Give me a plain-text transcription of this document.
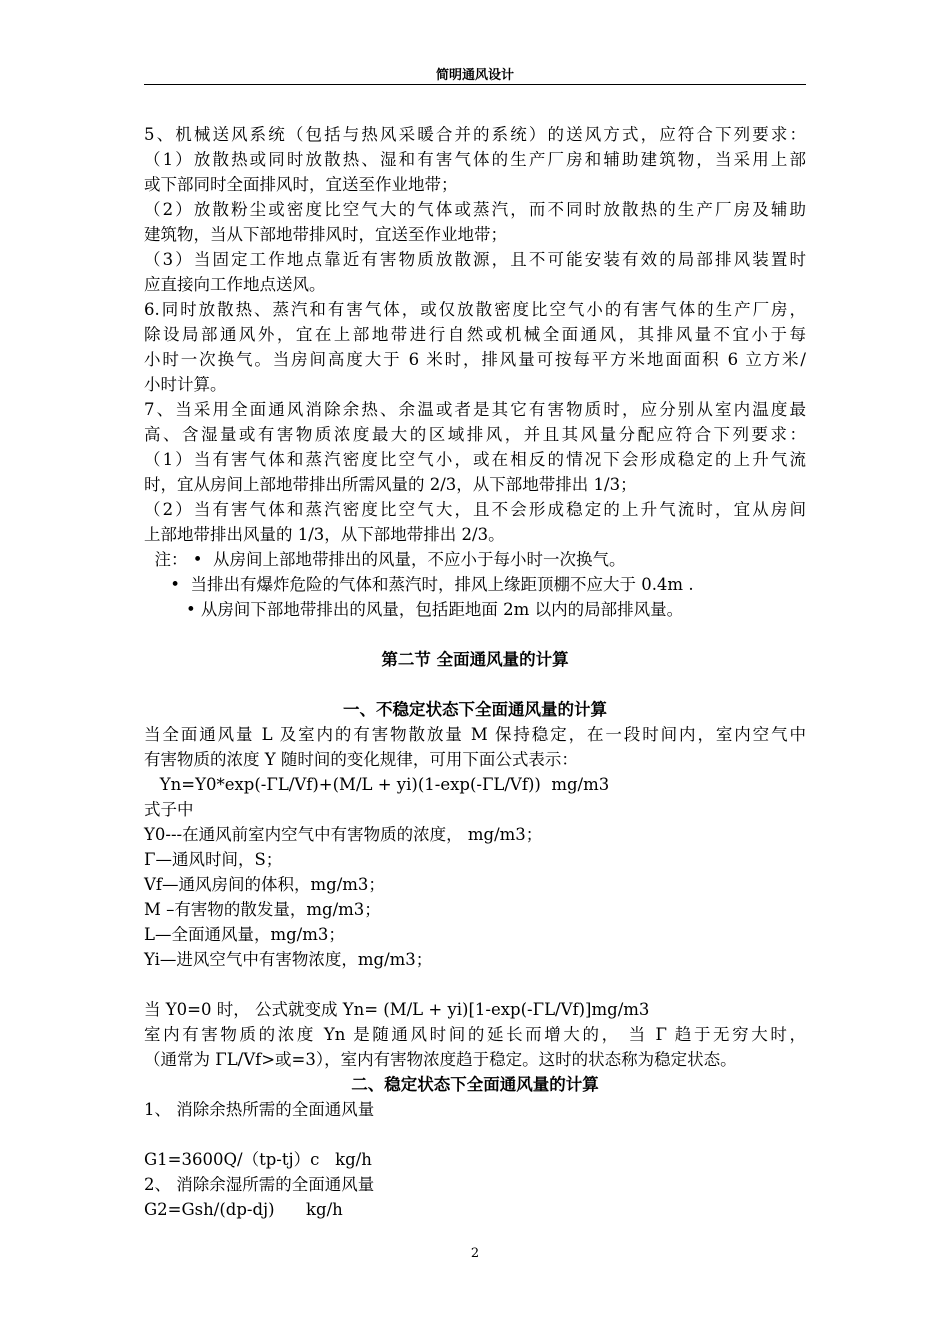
简明通风设计
5、机械送风系统（包括与热风采暖合并的系统）的送风方式，应符合下列要求：
（1）放散热或同时放散热、湿和有害气体的生产厂房和辅助建筑物，当采用上部
或下部同时全面排风时，宜送至作业地带；
（2）放散粉尘或密度比空气大的气体或蒸汽，而不同时放散热的生产厂房及辅助
建筑物，当从下部地带排风时，宜送至作业地带；
（3）当固定工作地点靠近有害物质放散源，且不可能安装有效的局部排风装置时
应直接向工作地点送风。
6.同时放散热、蒸汽和有害气体，或仅放散密度比空气小的有害气体的生产厂房，
除设局部通风外，宜在上部地带进行自然或机械全面通风，其排风量不宜小于每
小时一次换气。当房间高度大于 6 米时，排风量可按每平方米地面面积 6 立方米/
小时计算。
7、当采用全面通风消除余热、余温或者是其它有害物质时，应分别从室内温度最
高、含湿量或有害物质浓度最大的区域排风，并且其风量分配应符合下列要求：
（1）当有害气体和蒸汽密度比空气小，或在相反的情况下会形成稳定的上升气流
时，宜从房间上部地带排出所需风量的 2/3，从下部地带排出 1/3；
（2）当有害气体和蒸汽密度比空气大，且不会形成稳定的上升气流时，宜从房间
上部地带排出风量的 1/3，从下部地带排出 2/3。
注： •  从房间上部地带排出的风量，不应小于每小时一次换气。
•  当排出有爆炸危险的气体和蒸汽时，排风上缘距顶棚不应大于 0.4m .
• 从房间下部地带排出的风量，包括距地面 2m 以内的局部排风量。
第二节 全面通风量的计算
一、不稳定状态下全面通风量的计算
当全面通风量 L 及室内的有害物散放量 M 保持稳定，在一段时间内，室内空气中
有害物质的浓度 Y 随时间的变化规律，可用下面公式表示：
Yn=Y0*exp(-ΓL/Vf)+(M/L + yi)(1-exp(-ΓL/Vf))  mg/m3
式子中
Y0---在通风前室内空气中有害物质的浓度， mg/m3；
Γ—通风时间，S；
Vf—通风房间的体积，mg/m3；
M –有害物的散发量，mg/m3；
L—全面通风量，mg/m3；
Yi—进风空气中有害物浓度，mg/m3；
当 Y0=0 时， 公式就变成 Yn= (M/L + yi)[1-exp(-ΓL/Vf)]mg/m3
室内有害物质的浓度 Yn 是随通风时间的延长而增大的， 当 Γ 趋于无穷大时，
（通常为 ΓL/Vf>或=3），室内有害物浓度趋于稳定。这时的状态称为稳定状态。
二、稳定状态下全面通风量的计算
1、 消除余热所需的全面通风量
G1=3600Q/（tp-tj）c   kg/h
2、 消除余湿所需的全面通风量
G2=Gsh/(dp-dj)      kg/h
2
